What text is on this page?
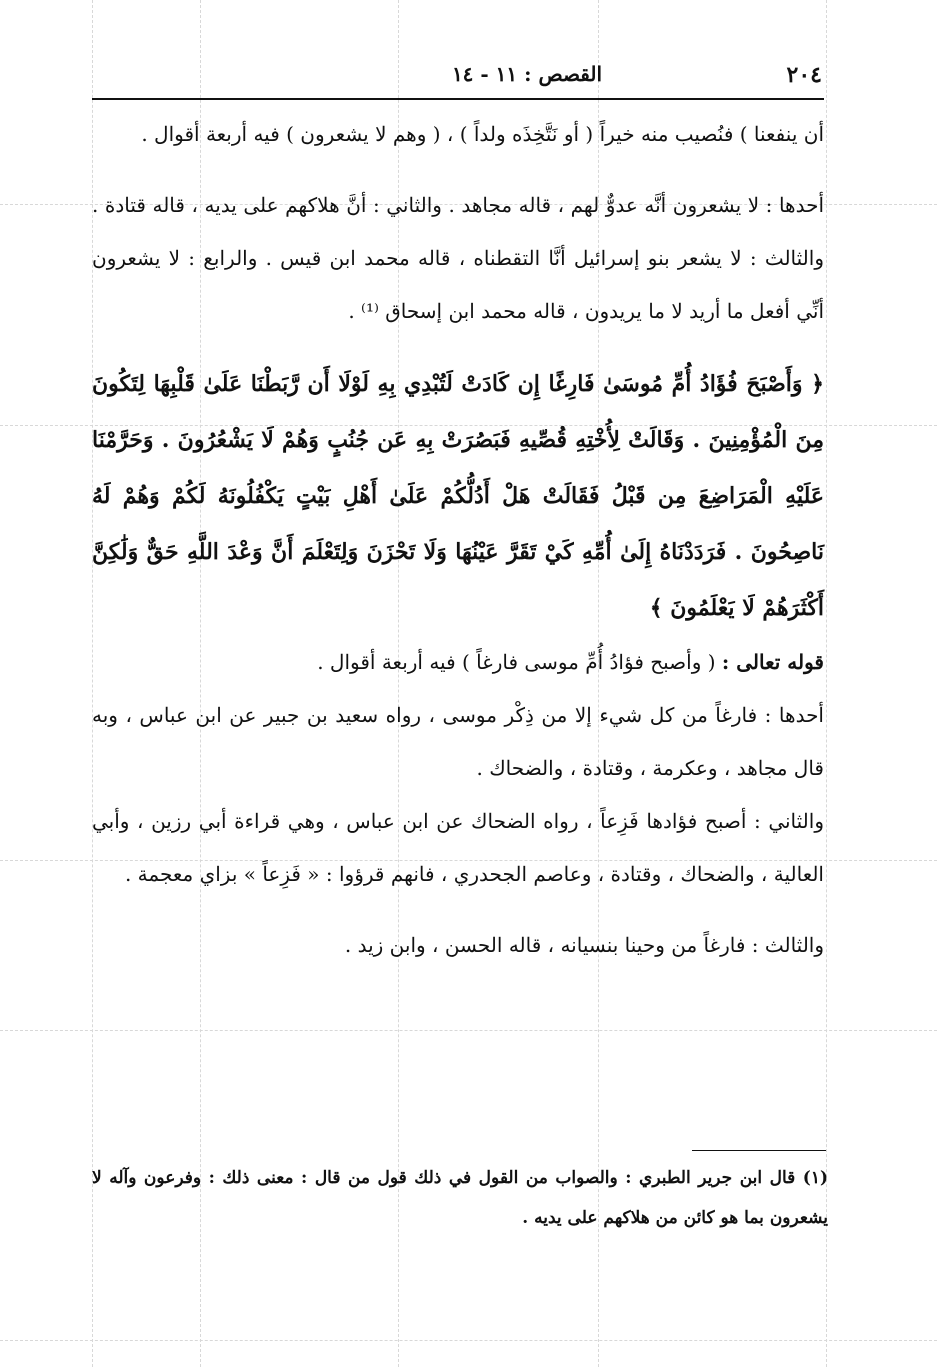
٢٠٤
القصص : ١١ - ١٤

أن ينفعنا ) فنُصيب منه خيراً ( أو نَتَّخِذَه ولداً ) ، ( وهم لا يشعرون ) فيه أربعة أقوال .

أحدها : لا يشعرون أنَّه عدوٌّ لهم ، قاله مجاهد . والثاني : أنَّ هلاكهم على يديه ، قاله قتادة . والثالث : لا يشعر بنو إسرائيل أنَّا التقطناه ، قاله محمد ابن قيس . والرابع : لا يشعرون أنِّي أفعل ما أريد لا ما يريدون ، قاله محمد ابن إسحاق ⁽¹⁾ .

﴿ وَأَصْبَحَ فُؤَادُ أُمِّ مُوسَىٰ فَارِغًا إِن كَادَتْ لَتُبْدِي بِهِ لَوْلَا أَن رَّبَطْنَا عَلَىٰ قَلْبِهَا لِتَكُونَ مِنَ الْمُؤْمِنِينَ . وَقَالَتْ لِأُخْتِهِ قُصِّيهِ فَبَصُرَتْ بِهِ عَن جُنُبٍ وَهُمْ لَا يَشْعُرُونَ . وَحَرَّمْنَا عَلَيْهِ الْمَرَاضِعَ مِن قَبْلُ فَقَالَتْ هَلْ أَدُلُّكُمْ عَلَىٰ أَهْلِ بَيْتٍ يَكْفُلُونَهُ لَكُمْ وَهُمْ لَهُ نَاصِحُونَ . فَرَدَدْنَاهُ إِلَىٰ أُمِّهِ كَيْ تَقَرَّ عَيْنُهَا وَلَا تَحْزَنَ وَلِتَعْلَمَ أَنَّ وَعْدَ اللَّهِ حَقٌّ وَلَٰكِنَّ أَكْثَرَهُمْ لَا يَعْلَمُونَ ﴾

قوله تعالى : ( وأصبح فؤادُ أُمِّ موسى فارغاً ) فيه أربعة أقوال .

أحدها : فارغاً من كل شيء إلا من ذِكْر موسى ، رواه سعيد بن جبير عن ابن عباس ، وبه قال مجاهد ، وعكرمة ، وقتادة ، والضحاك .

والثاني : أصبح فؤادها فَزِعاً ، رواه الضحاك عن ابن عباس ، وهي قراءة أبي رزين ، وأبي العالية ، والضحاك ، وقتادة ، وعاصم الجحدري ، فانهم قرؤوا : « فَزِعاً » بزاي معجمة .

والثالث : فارغاً من وحينا بنسيانه ، قاله الحسن ، وابن زيد .

(١) قال ابن جرير الطبري : والصواب من القول في ذلك قول من قال : معنى ذلك : وفرعون وآله لا يشعرون بما هو كائن من هلاكهم على يديه .
